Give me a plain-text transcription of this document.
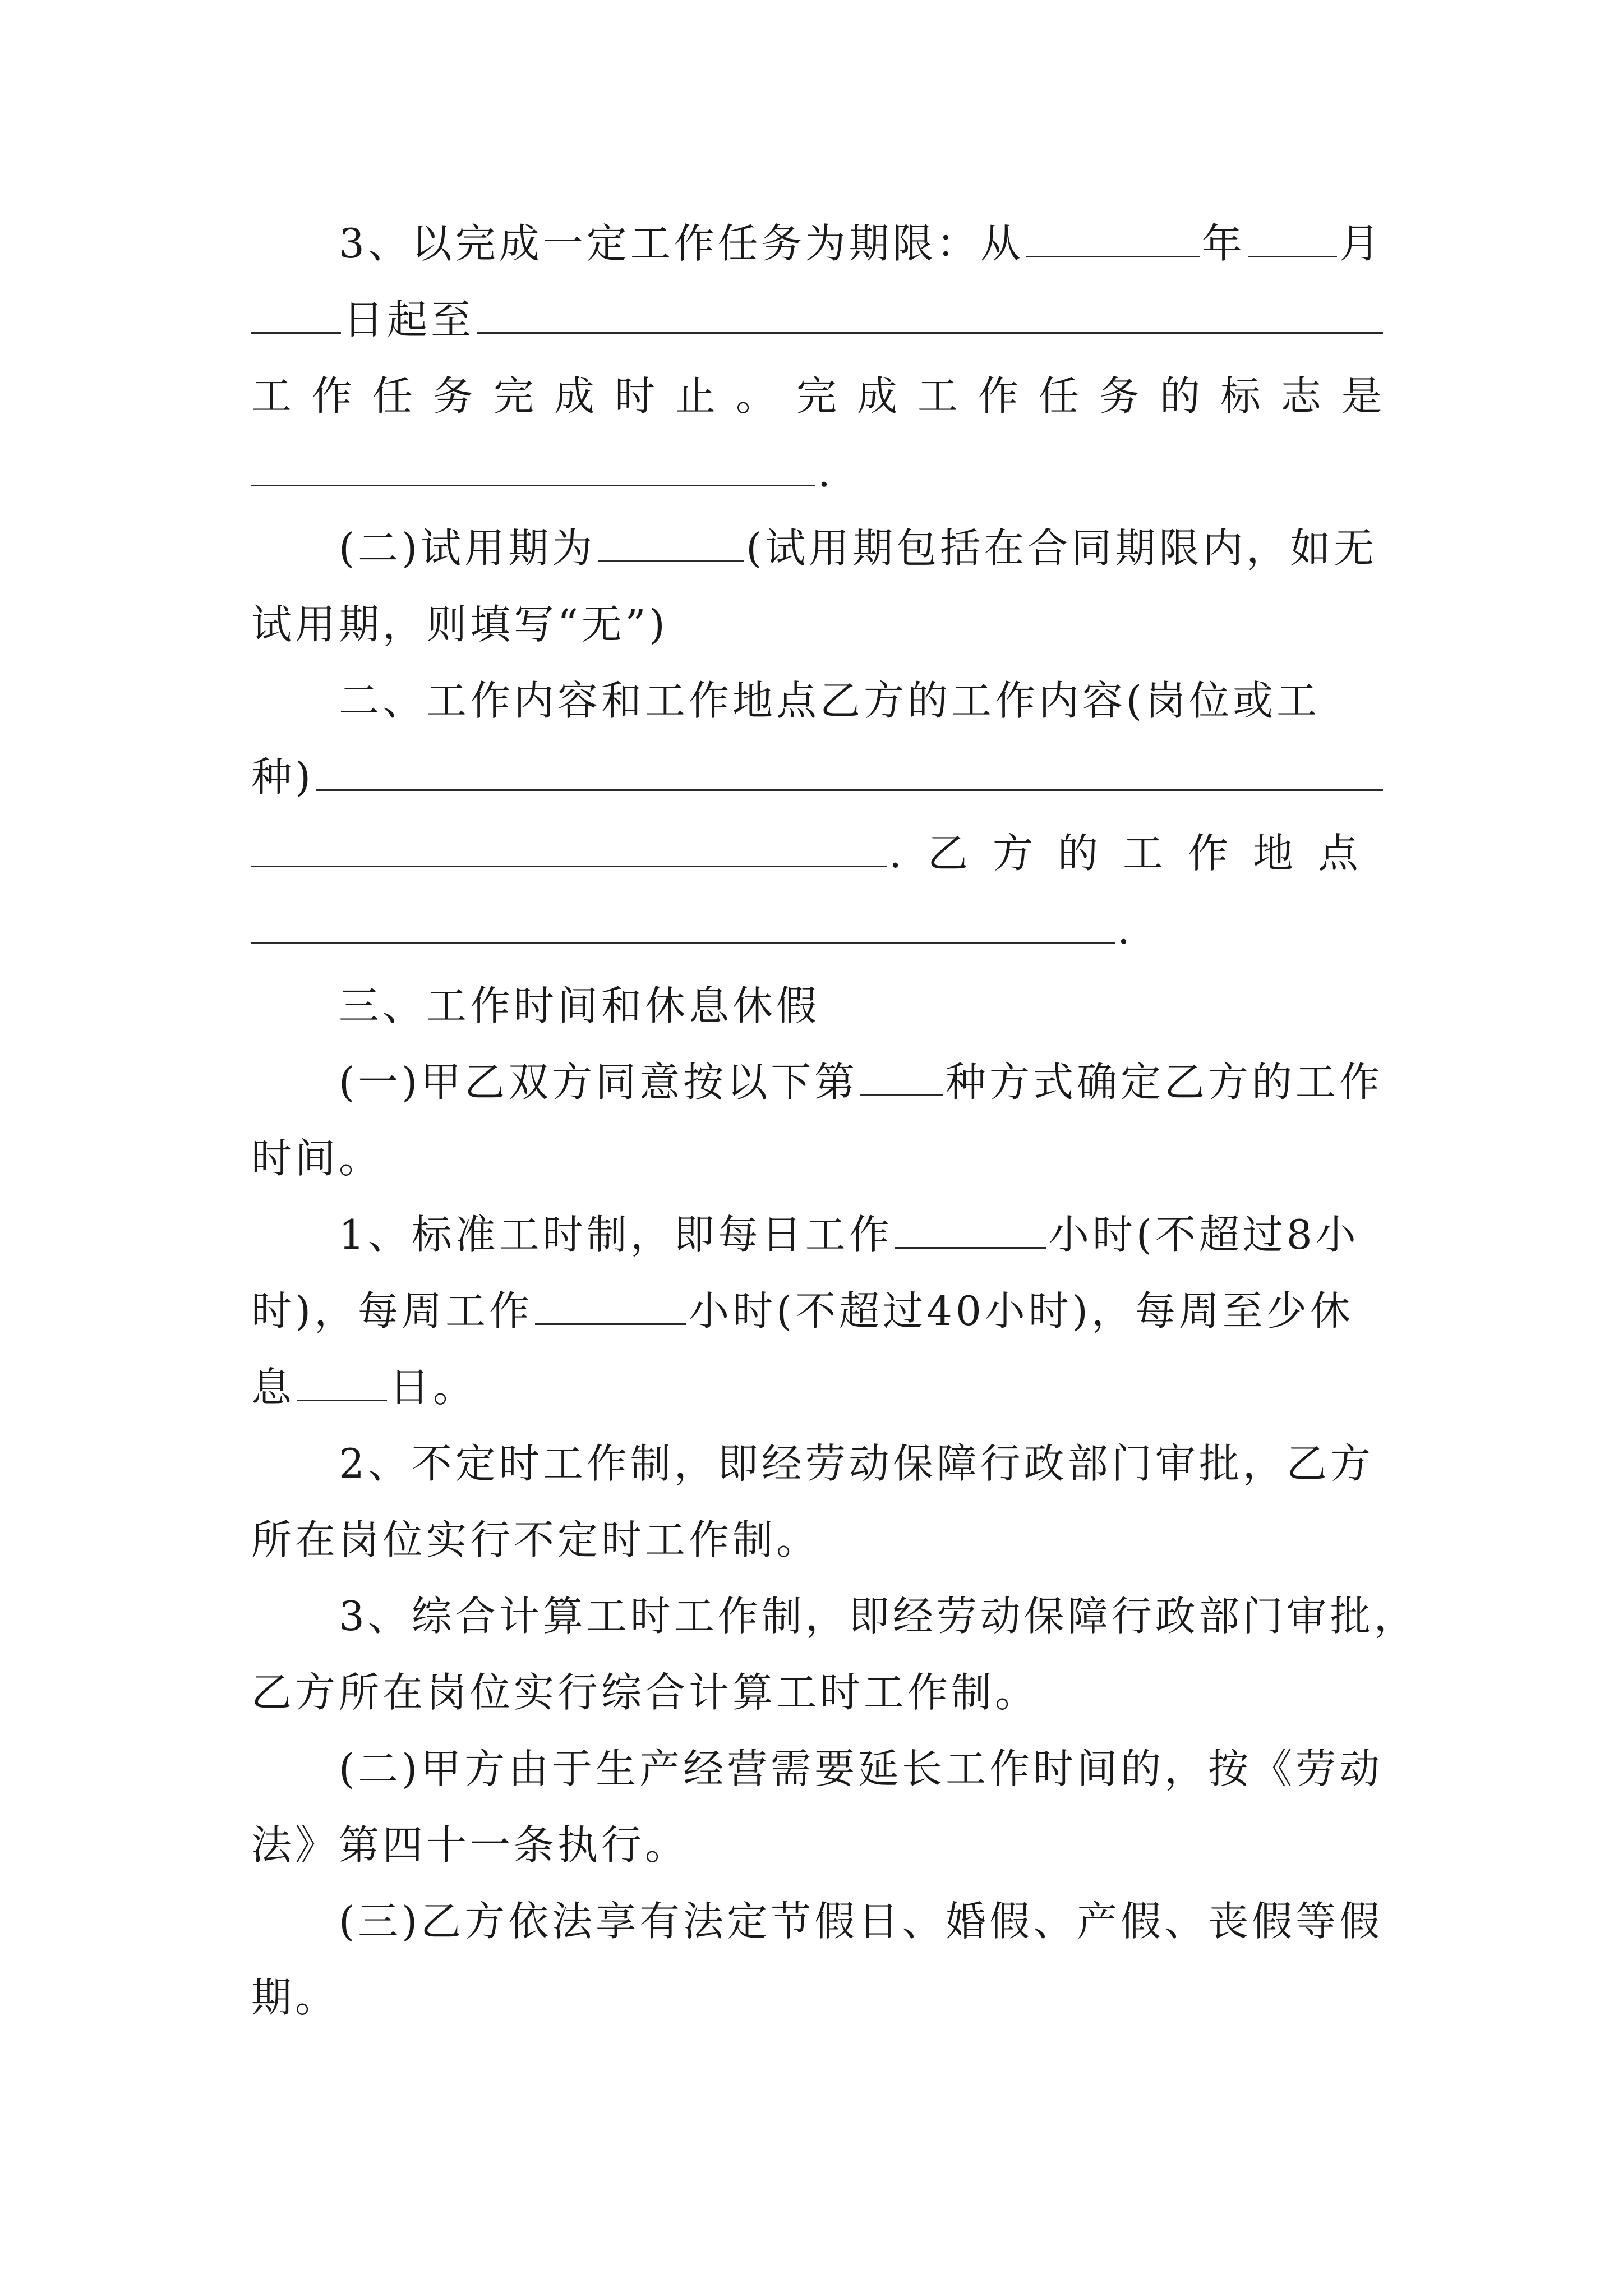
3、以完成一定工作任务为期限：从	年 月
日起至
工作任务完成时止。完成工作任务的标志是
.
(二)试用期为	(试用期包括在合同期限内，如无
试用期，则填写“无”)
二、工作内容和工作地点乙方的工作内容(岗位或工
种)
. 乙方的工作地点
.
三、工作时间和休息休假
(一)甲乙双方同意按以下第 种方式确定乙方的工作
时间。
1、标准工时制，即每日工作	小时(不超过8小
时)，每周工作	小时(不超过40小时)，每周至少休
息 日。
2、不定时工作制，即经劳动保障行政部门审批，乙方
所在岗位实行不定时工作制。
3、综合计算工时工作制，即经劳动保障行政部门审批，
乙方所在岗位实行综合计算工时工作制。
(二)甲方由于生产经营需要延长工作时间的，按《劳动
法》第四十一条执行。
(三)乙方依法享有法定节假日、婚假、产假、丧假等假
期。
